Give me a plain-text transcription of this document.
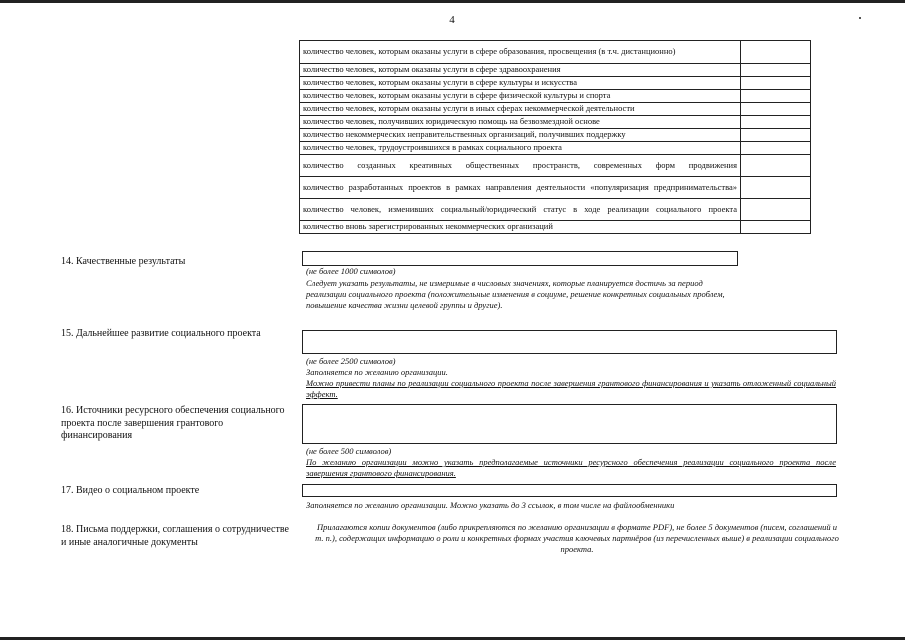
4
количество человек, которым оказаны услуги в сфере образования, просвещения (в т.ч. дистанционно)	
количество человек, которым оказаны услуги в сфере здравоохранения	
количество человек, которым оказаны услуги в сфере культуры и искусства	
количество человек, которым оказаны услуги в сфере физической культуры и спорта	
количество человек, которым оказаны услуги в иных сферах некоммерческой деятельности	
количество человек, получивших юридическую помощь на безвозмездной основе	
количество некоммерческих неправительственных организаций, получивших поддержку	
количество человек, трудоустроившихся в рамках социального проекта	
количество созданных креативных общественных пространств, современных форм продвижения	
количество разработанных проектов в рамках направления деятельности «популяризация предпринимательства»	
количество человек, изменивших социальный/юридический статус в ходе реализации социального проекта	
количество вновь зарегистрированных некоммерческих организаций	
14. Качественные результаты
(не более 1000 символов)
Следует указать результаты, не измеримые в числовых значениях, которые планируется достичь за период реализации социального проекта (положительные изменения в социуме, решение конкретных социальных проблем, повышение качества жизни целевой группы и другие).
15. Дальнейшее развитие социального проекта
(не более 2500 символов)
Заполняется по желанию организации.
Можно привести планы по реализации социального проекта после завершения грантового финансирования и указать отложенный социальный эффект.
16. Источники ресурсного обеспечения социального проекта после завершения грантового финансирования
(не более 500 символов)
По желанию организации можно указать предполагаемые источники ресурсного обеспечения реализации социального проекта после завершения грантового финансирования.
17. Видео о социальном проекте
Заполняется по желанию организации. Можно указать до 3 ссылок, в том числе на файлообменники
18. Письма поддержки, соглашения о сотрудничестве и иные аналогичные документы
Прилагаются копии документов (либо прикрепляются по желанию организации в формате PDF), не более 5 документов (писем, соглашений и т. п.), содержащих информацию о роли и конкретных формах участия ключевых партнёров (из перечисленных выше) в реализации социального проекта.
